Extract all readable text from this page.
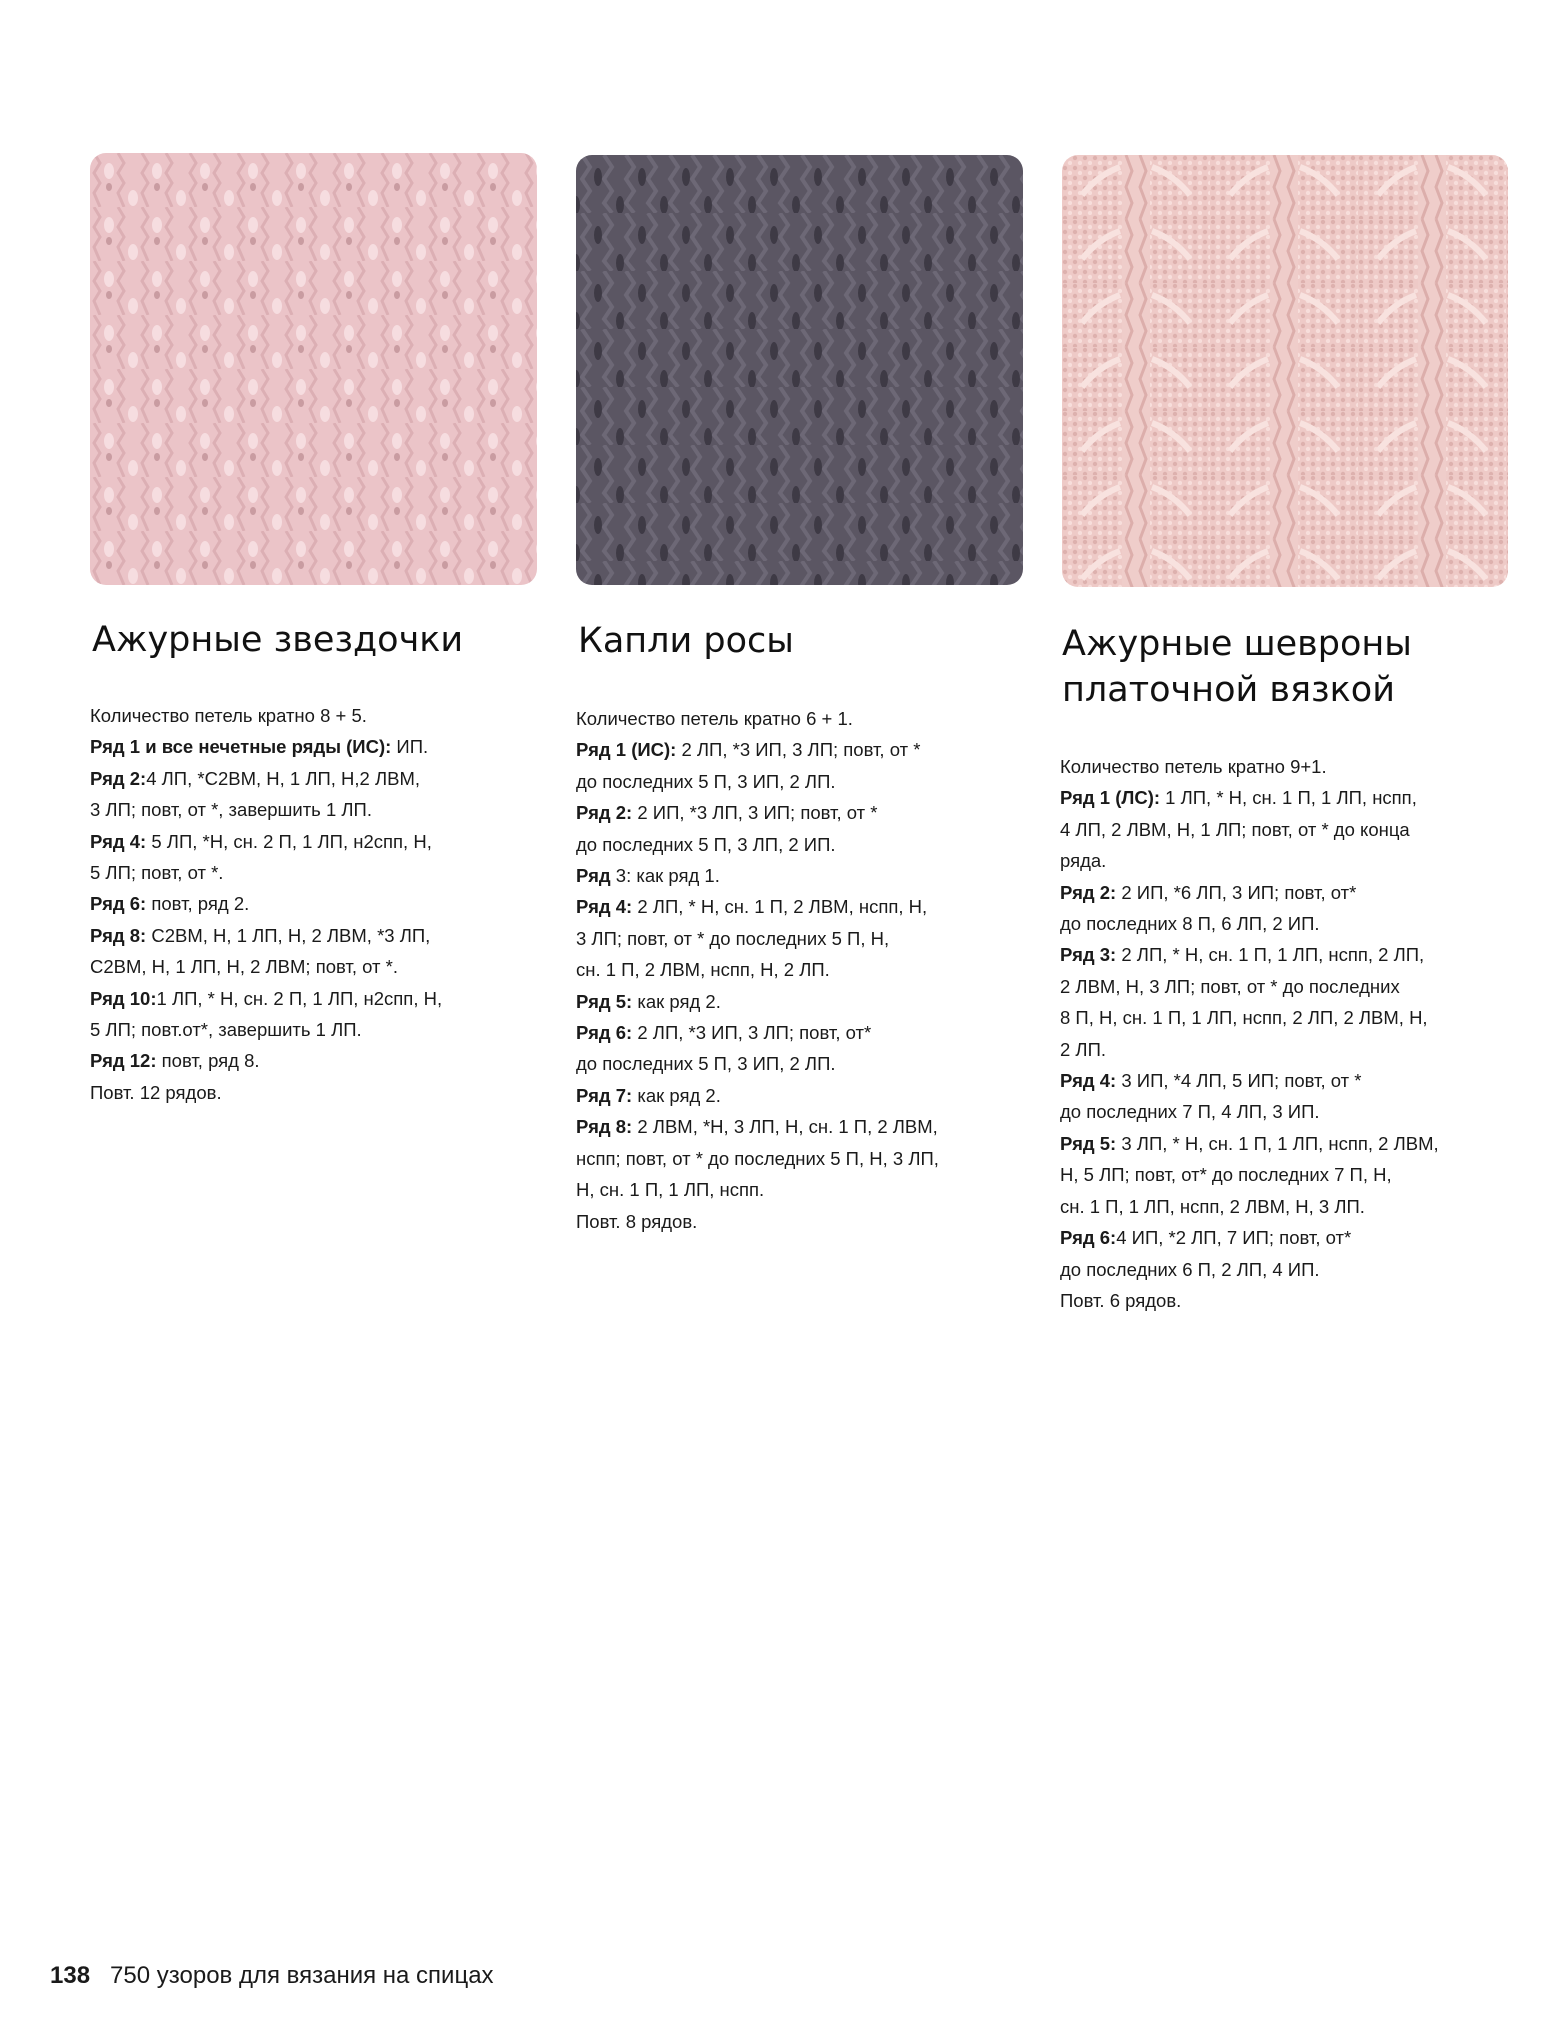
Ажурные звездочки	Капли росы	Ажурные шевроны платочной вязкой
Количество петель кратно 8 + 5.
Ряд 1 и все нечетные ряды (ИС): ИП.
Ряд 2:4 ЛП, *С2ВМ, Н, 1 ЛП, Н,2 ЛВМ,
3 ЛП; повт, от *, завершить 1 ЛП.
Ряд 4: 5 ЛП, *Н, сн. 2 П, 1 ЛП, н2спп, Н,
5 ЛП; повт, от *.
Ряд 6: повт, ряд 2.
Ряд 8: С2ВМ, Н, 1 ЛП, Н, 2 ЛВМ, *3 ЛП,
С2ВМ, Н, 1 ЛП, Н, 2 ЛВМ; повт, от *.
Ряд 10:1 ЛП, * Н, сн. 2 П, 1 ЛП, н2спп, Н,
5 ЛП; повт.от*, завершить 1 ЛП.
Ряд 12: повт, ряд 8.
Повт. 12 рядов.
Количество петель кратно 6 + 1.
Ряд 1 (ИС): 2 ЛП, *3 ИП, 3 ЛП; повт, от *
до последних 5 П, 3 ИП, 2 ЛП.
Ряд 2: 2 ИП, *3 ЛП, 3 ИП; повт, от *
до последних 5 П, 3 ЛП, 2 ИП.
Ряд 3: как ряд 1.
Ряд 4: 2 ЛП, * Н, сн. 1 П, 2 ЛВМ, нспп, Н,
3 ЛП; повт, от * до последних 5 П, Н,
сн. 1 П, 2 ЛВМ, нспп, Н, 2 ЛП.
Ряд 5: как ряд 2.
Ряд 6: 2 ЛП, *3 ИП, 3 ЛП; повт, от*
до последних 5 П, 3 ИП, 2 ЛП.
Ряд 7: как ряд 2.
Ряд 8: 2 ЛВМ, *Н, 3 ЛП, Н, сн. 1 П, 2 ЛВМ,
нспп; повт, от * до последних 5 П, Н, 3 ЛП,
Н, сн. 1 П, 1 ЛП, нспп.
Повт. 8 рядов.
Количество петель кратно 9+1.
Ряд 1 (ЛС): 1 ЛП, * Н, сн. 1 П, 1 ЛП, нспп,
4 ЛП, 2 ЛВМ, Н, 1 ЛП; повт, от * до конца
ряда.
Ряд 2: 2 ИП, *6 ЛП, 3 ИП; повт, от*
до последних 8 П, 6 ЛП, 2 ИП.
Ряд 3: 2 ЛП, * Н, сн. 1 П, 1 ЛП, нспп, 2 ЛП,
2 ЛВМ, Н, 3 ЛП; повт, от * до последних
8 П, Н, сн. 1 П, 1 ЛП, нспп, 2 ЛП, 2 ЛВМ, Н,
2 ЛП.
Ряд 4: 3 ИП, *4 ЛП, 5 ИП; повт, от *
до последних 7 П, 4 ЛП, 3 ИП.
Ряд 5: 3 ЛП, * Н, сн. 1 П, 1 ЛП, нспп, 2 ЛВМ,
Н, 5 ЛП; повт, от* до последних 7 П, Н,
сн. 1 П, 1 ЛП, нспп, 2 ЛВМ, Н, 3 ЛП.
Ряд 6:4 ИП, *2 ЛП, 7 ИП; повт, от*
до последних 6 П, 2 ЛП, 4 ИП.
Повт. 6 рядов.
138 750 узоров для вязания на спицах
